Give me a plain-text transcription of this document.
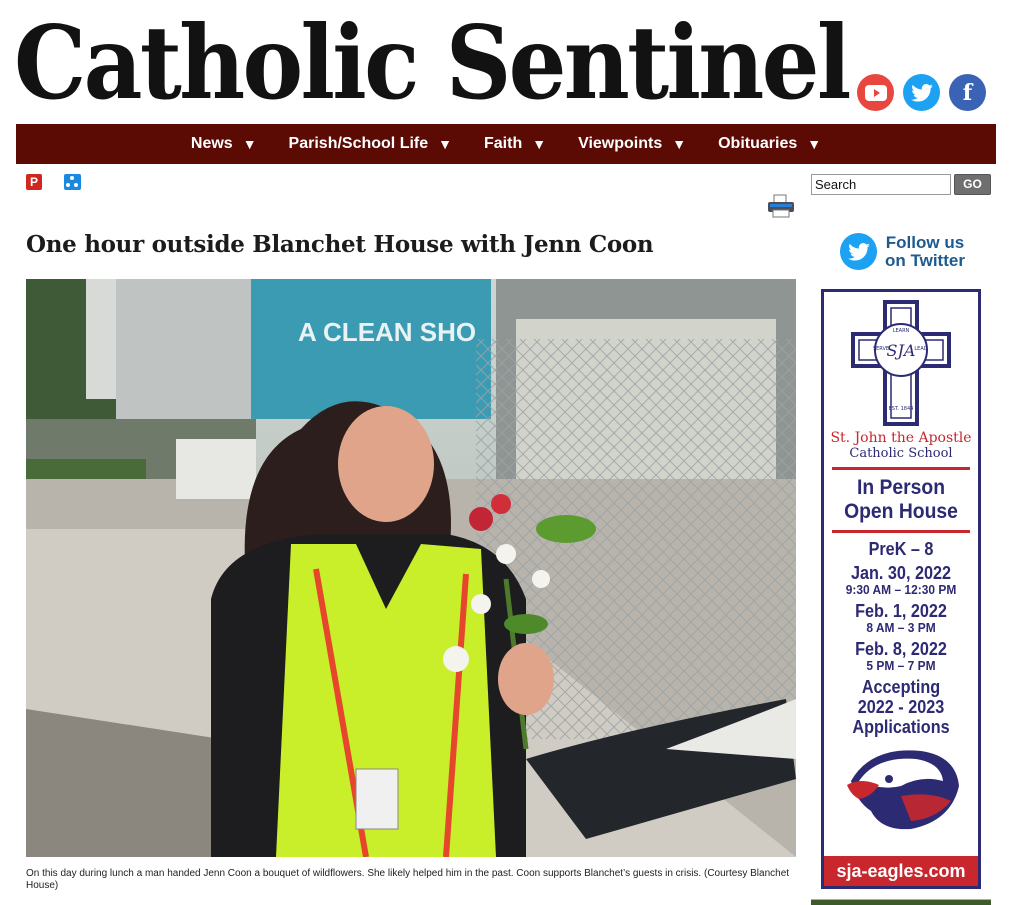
Catholic Sentinel	f
News ▼ Parish/School Life ▼ Faith ▼ Viewpoints ▼ Obituaries ▼
P
Search	GO
One hour outside Blanchet House with Jenn Coon
A CLEAN SHO
On this day during lunch a man handed Jenn Coon a bouquet of wildflowers. She likely helped him in the past. Coon supports Blanchet’s guests in crisis. (Courtesy Blanchet House)
Follow us
on Twitter
SJA
LEARN
SERVE	LEAD
EST. 1844
St. John the Apostle
Catholic School
In Person
Open House
PreK – 8
Jan. 30, 2022
9:30 AM – 12:30 PM
Feb. 1, 2022
8 AM – 3 PM
Feb. 8, 2022
5 PM – 7 PM
Accepting
2022 - 2023
Applications
sja-eagles.com
